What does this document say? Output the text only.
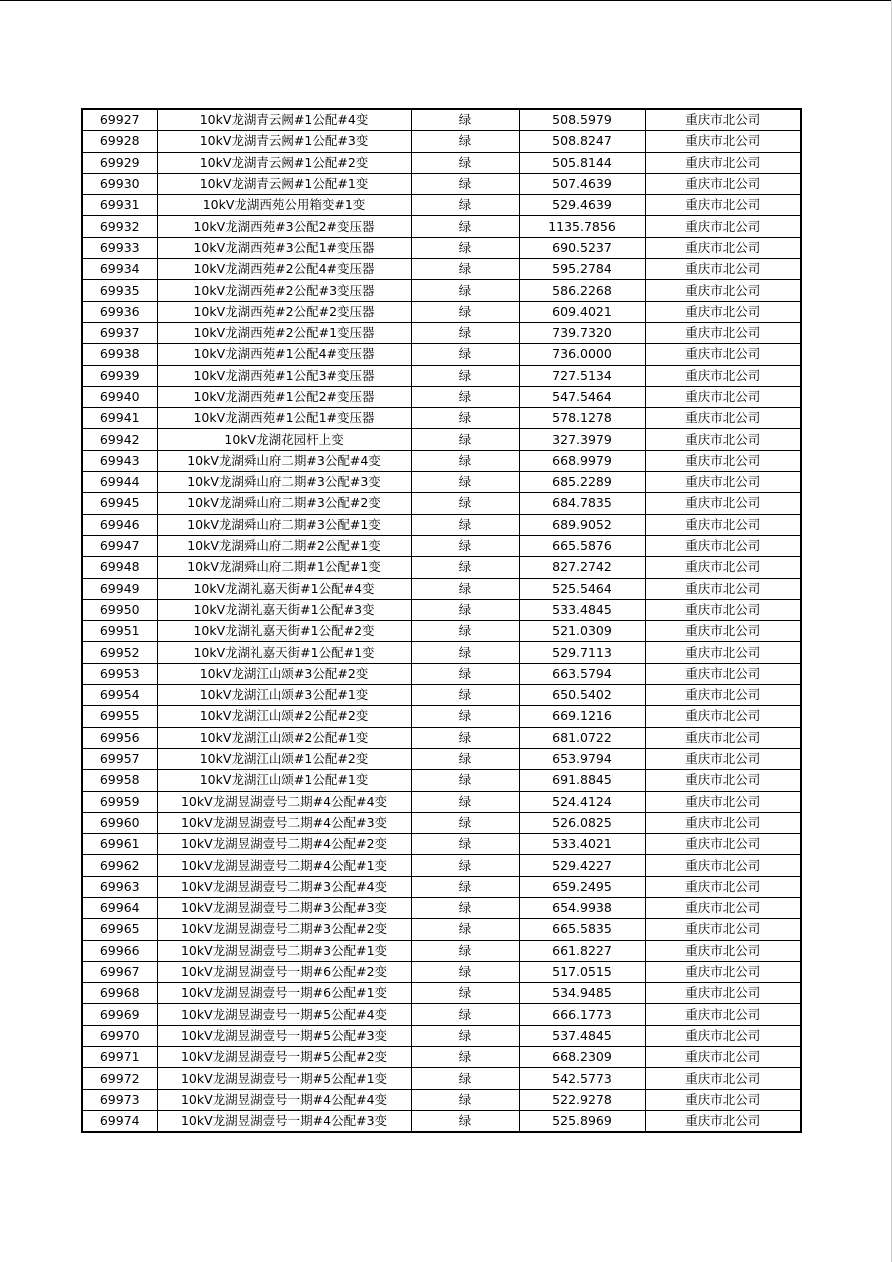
69927	10kV龙湖青云阙#1公配#4变	绿	508.5979	重庆市北公司
69928	10kV龙湖青云阙#1公配#3变	绿	508.8247	重庆市北公司
69929	10kV龙湖青云阙#1公配#2变	绿	505.8144	重庆市北公司
69930	10kV龙湖青云阙#1公配#1变	绿	507.4639	重庆市北公司
69931	10kV龙湖西苑公用箱变#1变	绿	529.4639	重庆市北公司
69932	10kV龙湖西苑#3公配2#变压器	绿	1135.7856	重庆市北公司
69933	10kV龙湖西苑#3公配1#变压器	绿	690.5237	重庆市北公司
69934	10kV龙湖西苑#2公配4#变压器	绿	595.2784	重庆市北公司
69935	10kV龙湖西苑#2公配#3变压器	绿	586.2268	重庆市北公司
69936	10kV龙湖西苑#2公配#2变压器	绿	609.4021	重庆市北公司
69937	10kV龙湖西苑#2公配#1变压器	绿	739.7320	重庆市北公司
69938	10kV龙湖西苑#1公配4#变压器	绿	736.0000	重庆市北公司
69939	10kV龙湖西苑#1公配3#变压器	绿	727.5134	重庆市北公司
69940	10kV龙湖西苑#1公配2#变压器	绿	547.5464	重庆市北公司
69941	10kV龙湖西苑#1公配1#变压器	绿	578.1278	重庆市北公司
69942	10kV龙湖花园杆上变	绿	327.3979	重庆市北公司
69943	10kV龙湖舜山府二期#3公配#4变	绿	668.9979	重庆市北公司
69944	10kV龙湖舜山府二期#3公配#3变	绿	685.2289	重庆市北公司
69945	10kV龙湖舜山府二期#3公配#2变	绿	684.7835	重庆市北公司
69946	10kV龙湖舜山府二期#3公配#1变	绿	689.9052	重庆市北公司
69947	10kV龙湖舜山府二期#2公配#1变	绿	665.5876	重庆市北公司
69948	10kV龙湖舜山府二期#1公配#1变	绿	827.2742	重庆市北公司
69949	10kV龙湖礼嘉天街#1公配#4变	绿	525.5464	重庆市北公司
69950	10kV龙湖礼嘉天街#1公配#3变	绿	533.4845	重庆市北公司
69951	10kV龙湖礼嘉天街#1公配#2变	绿	521.0309	重庆市北公司
69952	10kV龙湖礼嘉天街#1公配#1变	绿	529.7113	重庆市北公司
69953	10kV龙湖江山颂#3公配#2变	绿	663.5794	重庆市北公司
69954	10kV龙湖江山颂#3公配#1变	绿	650.5402	重庆市北公司
69955	10kV龙湖江山颂#2公配#2变	绿	669.1216	重庆市北公司
69956	10kV龙湖江山颂#2公配#1变	绿	681.0722	重庆市北公司
69957	10kV龙湖江山颂#1公配#2变	绿	653.9794	重庆市北公司
69958	10kV龙湖江山颂#1公配#1变	绿	691.8845	重庆市北公司
69959	10kV龙湖昱湖壹号二期#4公配#4变	绿	524.4124	重庆市北公司
69960	10kV龙湖昱湖壹号二期#4公配#3变	绿	526.0825	重庆市北公司
69961	10kV龙湖昱湖壹号二期#4公配#2变	绿	533.4021	重庆市北公司
69962	10kV龙湖昱湖壹号二期#4公配#1变	绿	529.4227	重庆市北公司
69963	10kV龙湖昱湖壹号二期#3公配#4变	绿	659.2495	重庆市北公司
69964	10kV龙湖昱湖壹号二期#3公配#3变	绿	654.9938	重庆市北公司
69965	10kV龙湖昱湖壹号二期#3公配#2变	绿	665.5835	重庆市北公司
69966	10kV龙湖昱湖壹号二期#3公配#1变	绿	661.8227	重庆市北公司
69967	10kV龙湖昱湖壹号一期#6公配#2变	绿	517.0515	重庆市北公司
69968	10kV龙湖昱湖壹号一期#6公配#1变	绿	534.9485	重庆市北公司
69969	10kV龙湖昱湖壹号一期#5公配#4变	绿	666.1773	重庆市北公司
69970	10kV龙湖昱湖壹号一期#5公配#3变	绿	537.4845	重庆市北公司
69971	10kV龙湖昱湖壹号一期#5公配#2变	绿	668.2309	重庆市北公司
69972	10kV龙湖昱湖壹号一期#5公配#1变	绿	542.5773	重庆市北公司
69973	10kV龙湖昱湖壹号一期#4公配#4变	绿	522.9278	重庆市北公司
69974	10kV龙湖昱湖壹号一期#4公配#3变	绿	525.8969	重庆市北公司
